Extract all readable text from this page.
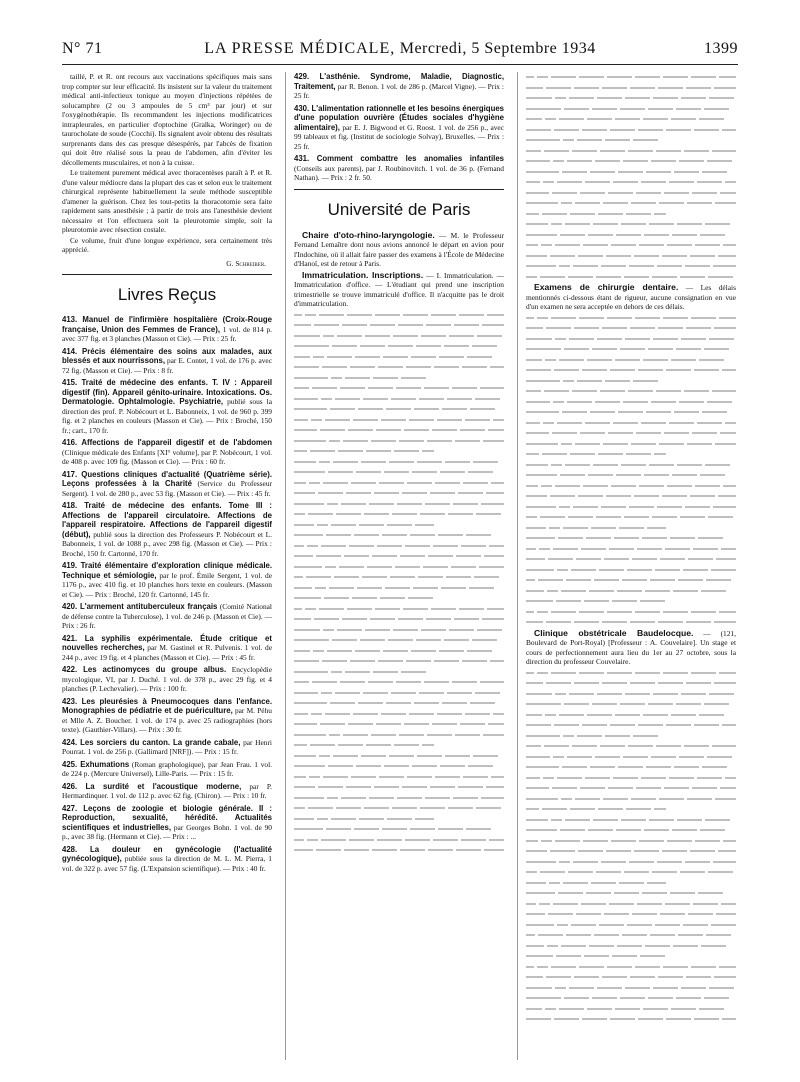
N° 71	LA PRESSE MÉDICALE, Mercredi, 5 Septembre 1934	1399

taillé, P. et R. ont recours aux vaccinations spécifiques mais sans trop compter sur leur efficacité. Ils insistent sur la valeur du traitement médical anti-infectieux tonique au moyen d'injections répétées de solucamphre (2 ou 3 ampoules de 5 cm³ par jour) et sur l'oxygénothérapie. Ils recommandent les injections modificatrices intrapleurales, en particulier d'optochine (Gralka, Woringer) ou de taurocholate de soude (Cocchi). Ils signalent avoir obtenu des résultats surprenants dans des cas presque désespérés, par l'abcès de fixation qui doit être réalisé sous la peau de l'abdomen, afin d'éviter les décollements musculaires, et non à la cuisse.

Le traitement purement médical avec thoracentèses paraît à P. et R. d'une valeur médiocre dans la plupart des cas et selon eux le traitement chirurgical représente habituellement la seule méthode susceptible d'amener la guérison. Chez les tout-petits la thoracotomie sera faite rapidement sans anesthésie ; à partir de trois ans l'anesthésie devient nécessaire et l'on effectuera soit la pleurotomie simple, soit la pleurotomie avec résection costale.

Ce volume, fruit d'une longue expérience, sera certainement très apprécié.

G. Schreiber.
Livres Reçus

413. Manuel de l'infirmière hospitalière (Croix-Rouge française, Union des Femmes de France), 1 vol. de 814 p. avec 377 fig. et 3 planches (Masson et Cie). — Prix : 25 fr.

414. Précis élémentaire des soins aux malades, aux blessés et aux nourrissons, par E. Contet, 1 vol. de 176 p. avec 72 fig. (Masson et Cie). — Prix : 8 fr.

415. Traité de médecine des enfants. T. IV : Appareil digestif (fin). Appareil génito-urinaire. Intoxications. Os. Dermatologie. Ophtalmologie. Psychiatrie, publié sous la direction des prof. P. Nobécourt et L. Babonneix, 1 vol. de 960 p. 399 fig. et 2 planches en couleurs (Masson et Cie). — Prix : Broché, 150 fr.; cart., 170 fr.

416. Affections de l'appareil digestif et de l'abdomen (Clinique médicale des Enfants [XI° volume], par P. Nobécourt, 1 vol. de 408 p. avec 109 fig. (Masson et Cie). — Prix : 60 fr.

417. Questions cliniques d'actualité (Quatrième série). Leçons professées à la Charité (Service du Professeur Sergent). 1 vol. de 280 p., avec 53 fig. (Masson et Cie). — Prix : 45 fr.

418. Traité de médecine des enfants. Tome III : Affections de l'appareil circulatoire. Affections de l'appareil respiratoire. Affections de l'appareil digestif (début), publié sous la direction des Professeurs P. Nobécourt et L. Babonneix, 1 vol. de 1088 p., avec 298 fig. (Masson et Cie). — Prix : Broché, 150 fr. Cartonné, 170 fr.

419. Traité élémentaire d'exploration clinique médicale. Technique et sémiologie, par le prof. Émile Sergent, 1 vol. de 1176 p., avec 410 fig. et 10 planches hors texte en couleurs. (Masson et Cie). — Prix : Broché, 120 fr. Cartonné, 145 fr.

420. L'armement antituberculeux français (Comité National de défense contre la Tuberculose), 1 vol. de 246 p. (Masson et Cie). — Prix : 26 fr.

421. La syphilis expérimentale. Étude critique et nouvelles recherches, par M. Gastinel et R. Pulvenis. 1 vol. de 244 p., avec 19 fig. et 4 planches (Masson et Cie). — Prix : 45 fr.

422. Les actinomyces du groupe albus. Encyclopédie mycologique, VI, par J. Duché. 1 vol. de 378 p., avec 29 fig. et 4 planches (P. Lechevalier). — Prix : 100 fr.

423. Les pleurésies à Pneumocoques dans l'enfance. Monographies de pédiatrie et de puériculture, par M. Péhu et Mlle A. Z. Boucher. 1 vol. de 174 p. avec 25 radiographies (hors texte). (Gauthier-Villars). — Prix : 30 fr.

424. Les sorciers du canton. La grande cabale, par Henri Pourrat. 1 vol. de 256 p. (Gallimard [NRF]). — Prix : 15 fr.

425. Exhumations (Roman graphologique), par Jean Frau. 1 vol. de 224 p. (Mercure Universel), Lille-Paris. — Prix : 15 fr.

426. La surdité et l'acoustique moderne, par P. Hermardinquer. 1 vol. de 112 p. avec 62 fig. (Chiron). — Prix : 10 fr.

427. Leçons de zoologie et biologie générale. II : Reproduction, sexualité, hérédité. Actualités scientifiques et industrielles, par Georges Bohn. 1 vol. de 90 p., avec 38 fig. (Hermann et Cie). — Prix : ...

428. La douleur en gynécologie (l'actualité gynécologique), publiée sous la direction de M. L. M. Pierra, 1 vol. de 322 p. avec 57 fig. (L'Expansion scientifique). — Prix : 40 fr.

429. L'asthénie. Syndrome, Maladie, Diagnostic, Traitement, par R. Benon. 1 vol. de 286 p. (Marcel Vigne). — Prix : 25 fr.

430. L'alimentation rationnelle et les besoins énergiques d'une population ouvrière (Études sociales d'hygiène alimentaire), par E. J. Bigwood et G. Roost. 1 vol. de 256 p., avec 99 tableaux et fig. (Institut de sociologie Solvay), Bruxelles. — Prix : 25 fr.

431. Comment combattre les anomalies infantiles (Conseils aux parents), par J. Roubinovitch. 1 vol. de 36 p. (Fernand Nathan). — Prix : 2 fr. 50.

Université de Paris

Chaire d'oto-rhino-laryngologie. — M. le Professeur Fernand Lemaître dont nous avions annoncé le départ en avion pour l'Indochine, où il allait faire passer des examens à l'École de Médecine d'Hanoï, est de retour à Paris.

Immatriculation. Inscriptions. — I. Immatriculation. — Immatriculation d'office. — L'étudiant qui prend une inscription trimestrielle se trouve immatriculé d'office. Il n'acquitte pas le droit d'immatriculation.

Examens de chirurgie dentaire. — Les délais mentionnés ci-dessous étant de rigueur, aucune consignation en vue d'un examen ne sera acceptée en dehors de ces délais.

Clinique obstétricale Baudelocque. — (121, Boulevard de Port-Royal) [Professeur : A. Couvelaire]. Un stage et cours de perfectionnement aura lieu du 1er au 27 octobre, sous la direction du professeur Couvelaire.
